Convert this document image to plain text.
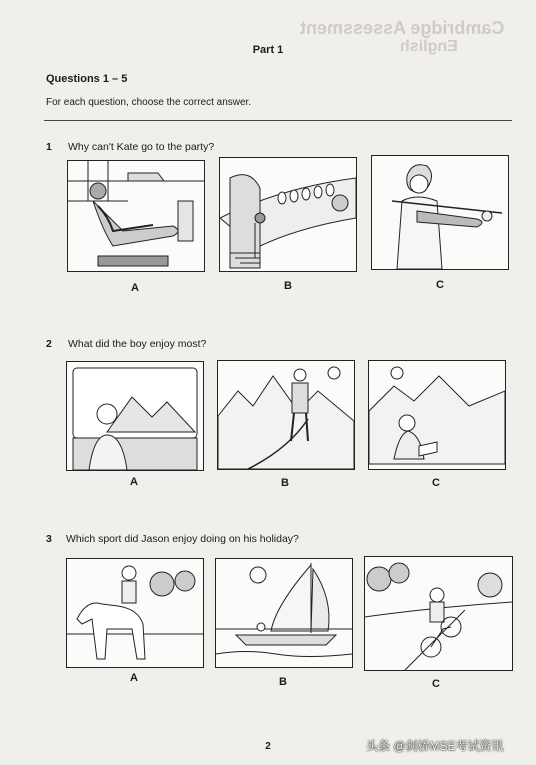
Cambridge Assessment
English
Part 1
Questions 1 – 5
For each question, choose the correct answer.
1 Why can't Kate go to the party?
A	B	C
2 What did the boy enjoy most?
A	B	C
3 Which sport did Jason enjoy doing on his holiday?
A	B	C
2	头条 @剑桥MSE考试资讯
